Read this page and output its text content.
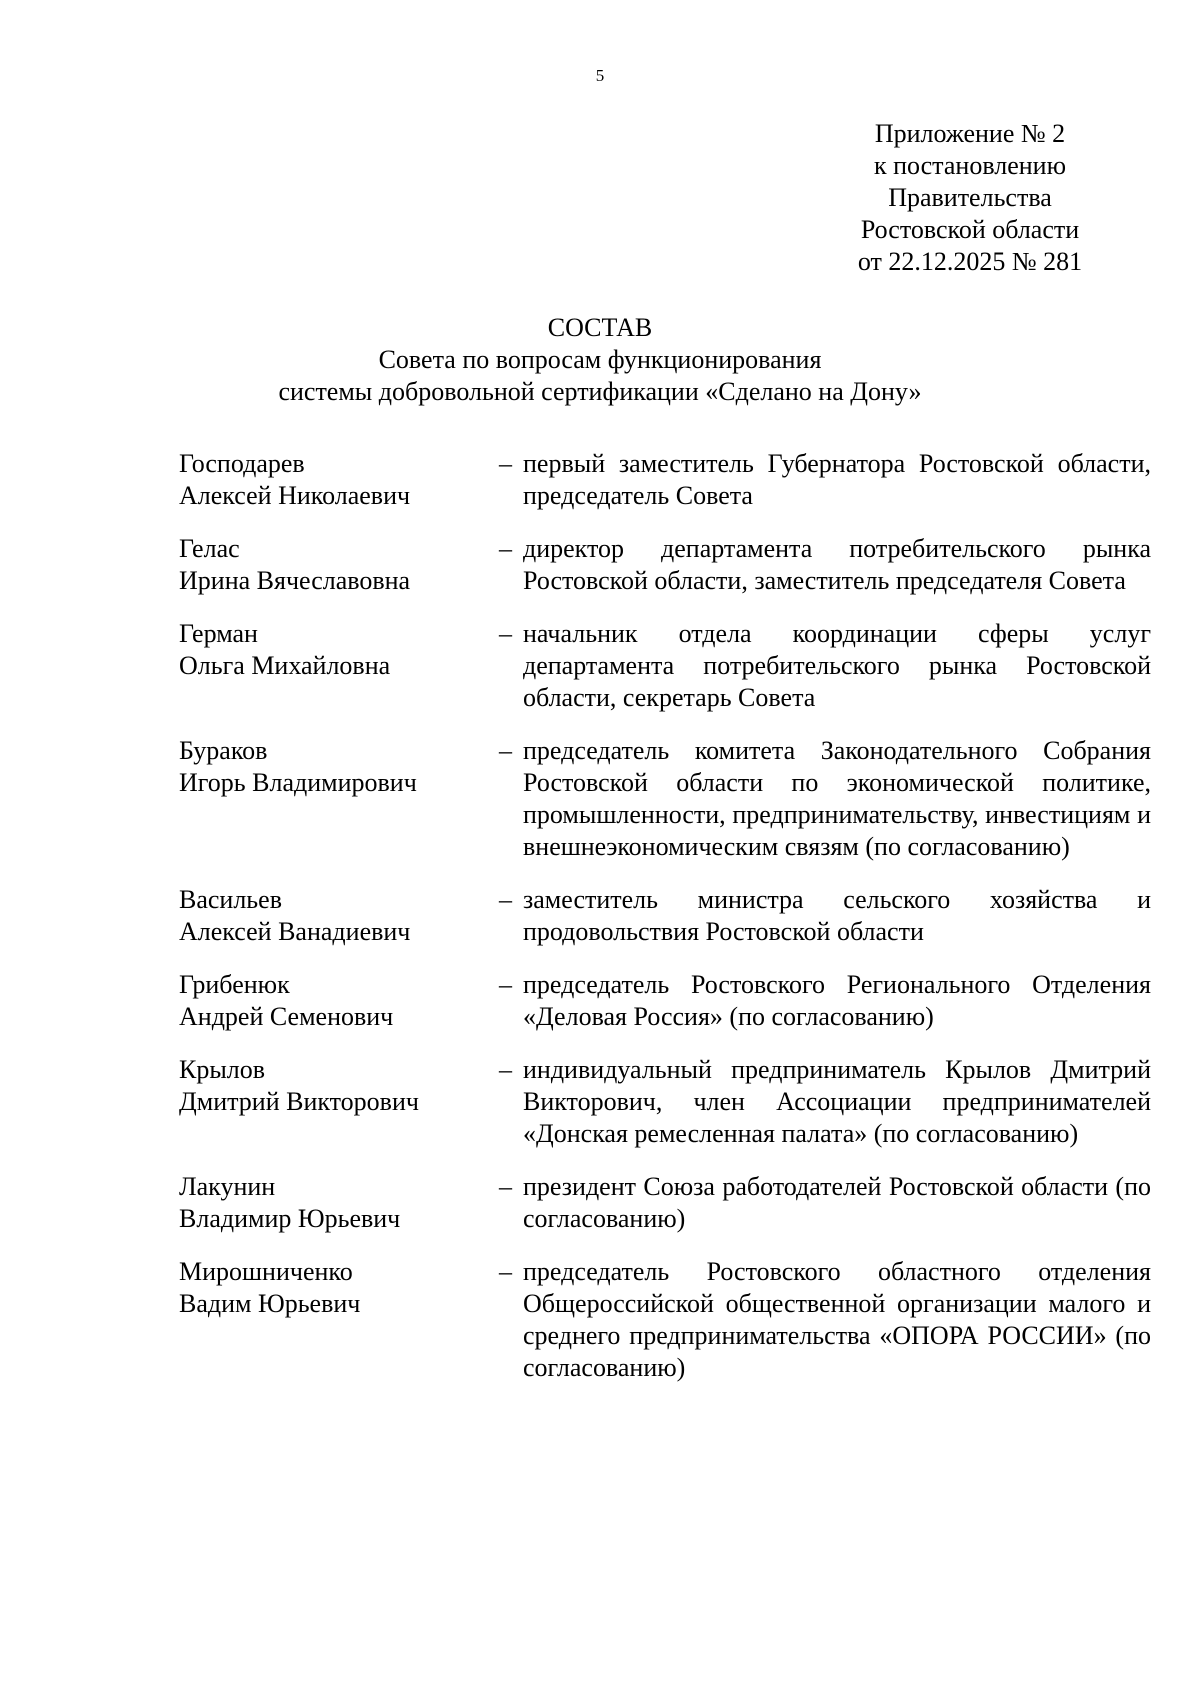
5
Приложение № 2
к постановлению
Правительства
Ростовской области
от 22.12.2025 № 281
СОСТАВ
Совета по вопросам функционирования
системы добровольной сертификации «Сделано на Дону»
Господарев
Алексей Николаевич
– первый заместитель Губернатора Ростовской области, председатель Совета
Гелас
Ирина Вячеславовна
– директор департамента потребительского рынка Ростовской области, заместитель председателя Совета
Герман
Ольга Михайловна
– начальник отдела координации сферы услуг департамента потребительского рынка Ростовской области, секретарь Совета
Бураков
Игорь Владимирович
– председатель комитета Законодательного Собрания Ростовской области по экономической политике, промышленности, предпринимательству, инвестициям и внешнеэкономическим связям (по согласованию)
Васильев
Алексей Ванадиевич
– заместитель министра сельского хозяйства и продовольствия Ростовской области
Грибенюк
Андрей Семенович
– председатель Ростовского Регионального Отделения «Деловая Россия» (по согласованию)
Крылов
Дмитрий Викторович
– индивидуальный предприниматель Крылов Дмитрий Викторович, член Ассоциации предпринимателей «Донская ремесленная палата» (по согласованию)
Лакунин
Владимир Юрьевич
– президент Союза работодателей Ростовской области (по согласованию)
Мирошниченко
Вадим Юрьевич
– председатель Ростовского областного отделения Общероссийской общественной организации малого и среднего предпринимательства «ОПОРА РОССИИ» (по согласованию)
